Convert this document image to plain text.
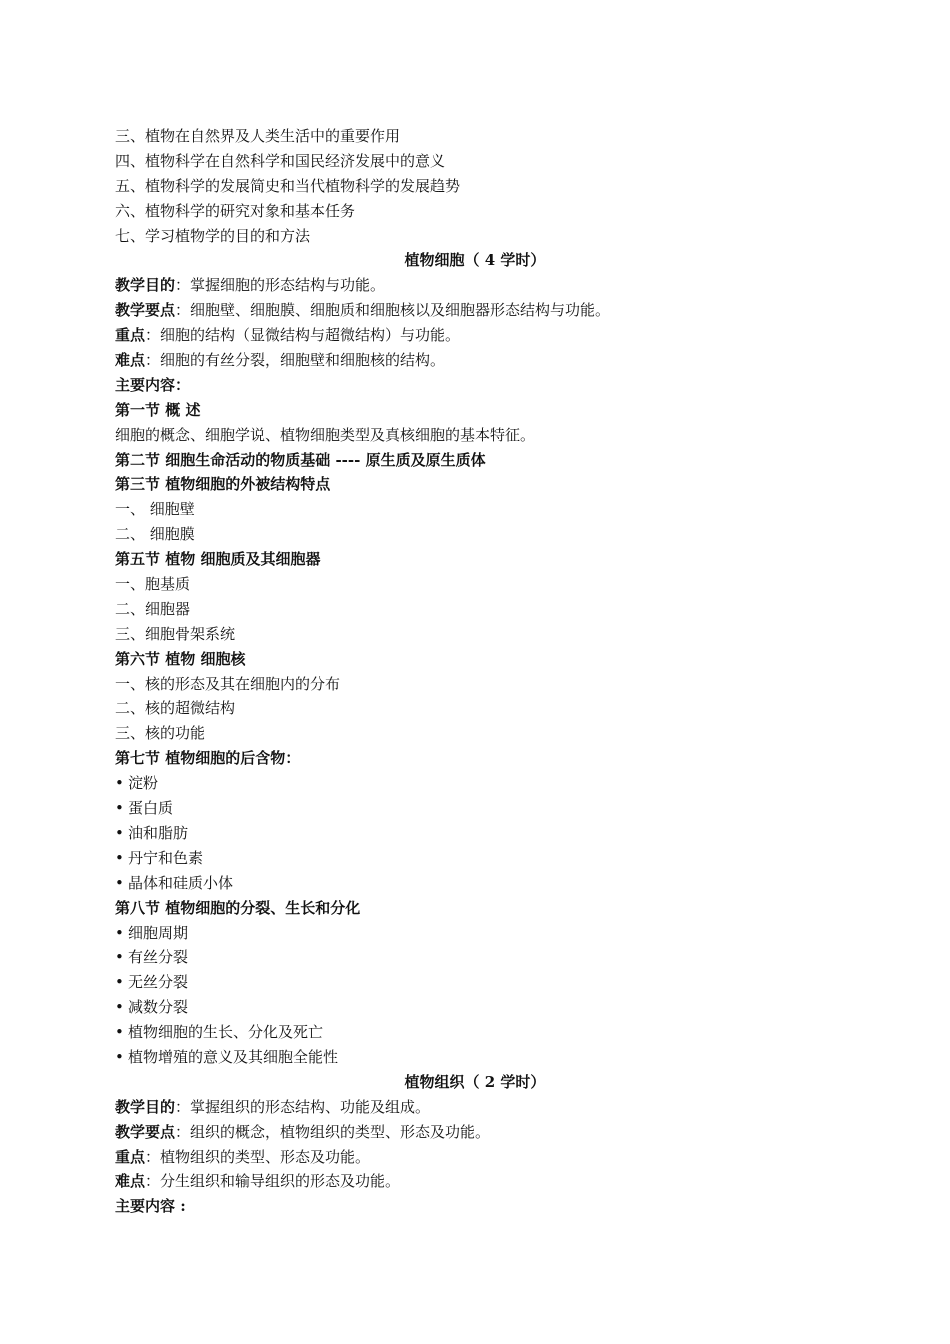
三、植物在自然界及人类生活中的重要作用
四、植物科学在自然科学和国民经济发展中的意义
五、植物科学的发展简史和当代植物科学的发展趋势
六、植物科学的研究对象和基本任务
七、学习植物学的目的和方法
植物细胞（ 4 学时）
教学目的：掌握细胞的形态结构与功能。
教学要点：细胞壁、细胞膜、细胞质和细胞核以及细胞器形态结构与功能。
重点：细胞的结构（显微结构与超微结构）与功能。
难点：细胞的有丝分裂，细胞壁和细胞核的结构。
主要内容：
第一节 概 述
细胞的概念、细胞学说、植物细胞类型及真核细胞的基本特征。
第二节 细胞生命活动的物质基础 ---- 原生质及原生质体
第三节 植物细胞的外被结构特点
一、 细胞壁
二、 细胞膜
第五节 植物 细胞质及其细胞器
一、胞基质
二、细胞器
三、细胞骨架系统
第六节 植物 细胞核
一、核的形态及其在细胞内的分布
二、核的超微结构
三、核的功能
第七节 植物细胞的后含物：
• 淀粉
• 蛋白质
• 油和脂肪
• 丹宁和色素
• 晶体和硅质小体
第八节 植物细胞的分裂、生长和分化
• 细胞周期
• 有丝分裂
• 无丝分裂
• 减数分裂
• 植物细胞的生长、分化及死亡
• 植物增殖的意义及其细胞全能性
植物组织（ 2 学时）
教学目的：掌握组织的形态结构、功能及组成。
教学要点：组织的概念，植物组织的类型、形态及功能。
重点：植物组织的类型、形态及功能。
难点：分生组织和输导组织的形态及功能。
主要内容 :
